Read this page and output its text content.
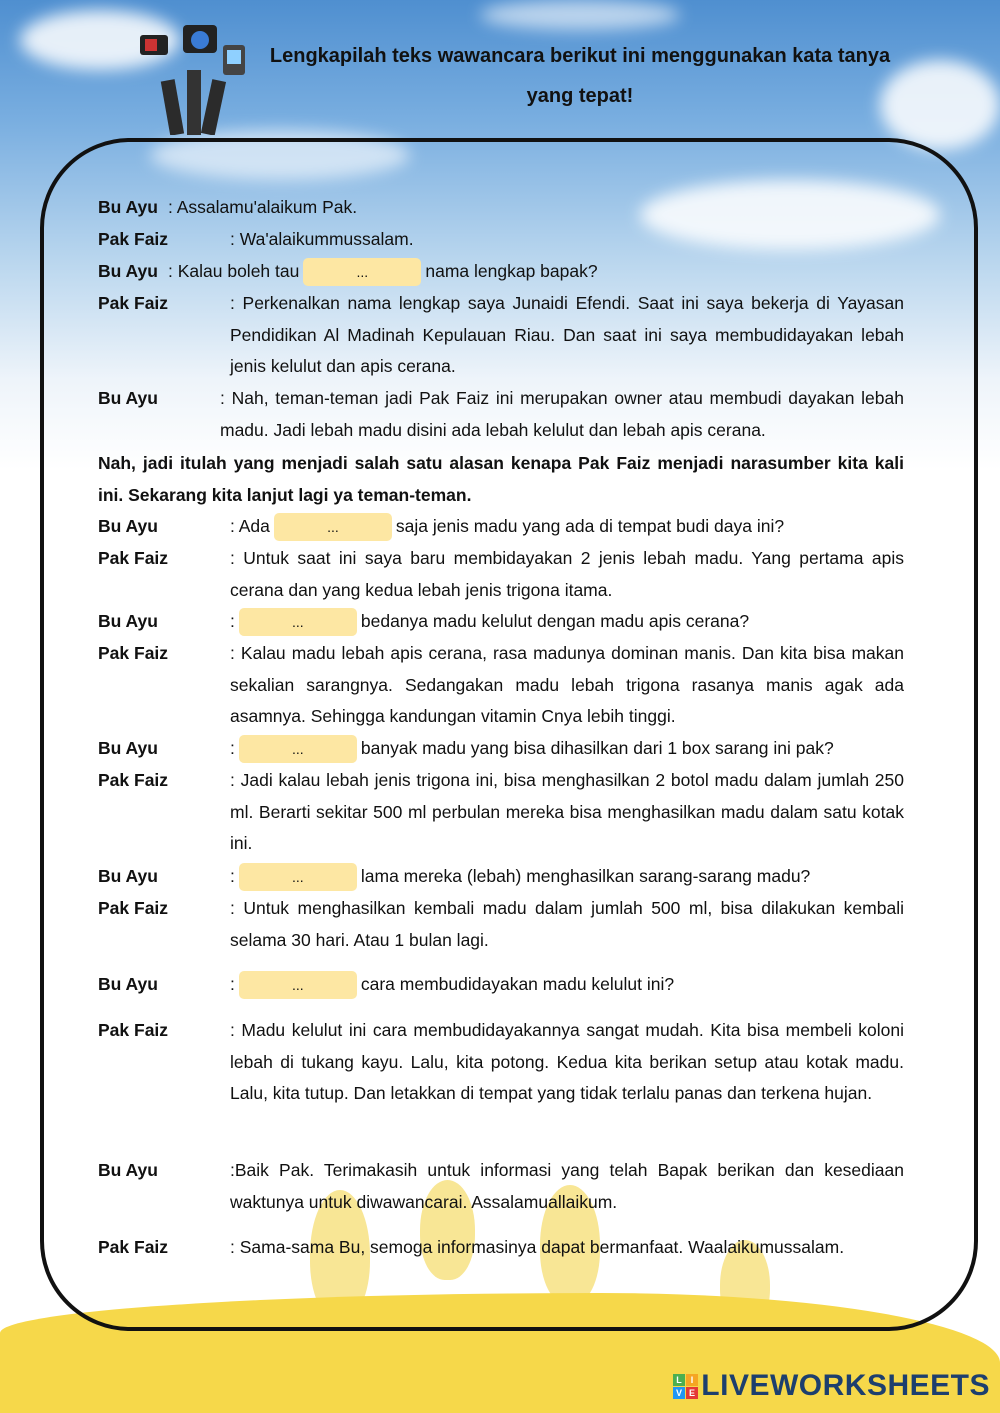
Lengkapilah teks wawancara berikut ini menggunakan kata tanya
yang tepat!
Bu Ayu : Assalamu'alaikum Pak.
Pak Faiz	: Wa'alaikummussalam.
Bu Ayu : Kalau boleh tau	...	nama lengkap bapak?
Pak Faiz	: Perkenalkan nama lengkap saya Junaidi Efendi. Saat ini saya bekerja di Yayasan Pendidikan Al Madinah Kepulauan Riau. Dan saat ini saya membudidayakan lebah jenis kelulut dan apis cerana.
Bu Ayu	: Nah, teman-teman jadi Pak Faiz ini merupakan owner atau membudi dayakan lebah madu. Jadi lebah madu disini ada lebah kelulut dan lebah apis cerana.
Nah, jadi itulah yang menjadi salah satu alasan kenapa Pak Faiz menjadi narasumber kita kali ini. Sekarang kita lanjut lagi ya teman-teman.
Bu Ayu	: Ada	...	saja jenis madu yang ada di tempat budi daya ini?
Pak Faiz	: Untuk saat ini saya baru membidayakan 2 jenis lebah madu. Yang pertama apis cerana dan yang kedua lebah jenis trigona itama.
Bu Ayu	:	...	bedanya madu kelulut dengan madu apis cerana?
Pak Faiz	: Kalau madu lebah apis cerana, rasa madunya dominan manis. Dan kita bisa makan sekalian sarangnya. Sedangakan madu lebah trigona rasanya manis agak ada asamnya. Sehingga kandungan vitamin Cnya lebih tinggi.
Bu Ayu	:	...	banyak madu yang bisa dihasilkan dari 1 box sarang ini pak?
Pak Faiz	: Jadi kalau lebah jenis trigona ini, bisa menghasilkan 2 botol madu dalam jumlah 250 ml. Berarti sekitar 500 ml perbulan mereka bisa menghasilkan madu dalam satu kotak ini.
Bu Ayu	:	...	lama mereka (lebah) menghasilkan sarang-sarang madu?
Pak Faiz	: Untuk menghasilkan kembali madu dalam jumlah 500 ml, bisa dilakukan kembali selama 30 hari. Atau 1 bulan lagi.
Bu Ayu	:	...	cara membudidayakan madu kelulut ini?
Pak Faiz	: Madu kelulut ini cara membudidayakannya sangat mudah. Kita bisa membeli koloni lebah di tukang kayu. Lalu, kita potong. Kedua kita berikan setup atau kotak madu. Lalu, kita tutup. Dan letakkan di tempat yang tidak terlalu panas dan terkena hujan.
Bu Ayu	:Baik Pak. Terimakasih untuk informasi yang telah Bapak berikan dan kesediaan waktunya untuk diwawancarai. Assalamuallaikum.
Pak Faiz	: Sama-sama Bu, semoga informasinya dapat bermanfaat. Waalaikumussalam.
L I
V E LIVEWORKSHEETS
